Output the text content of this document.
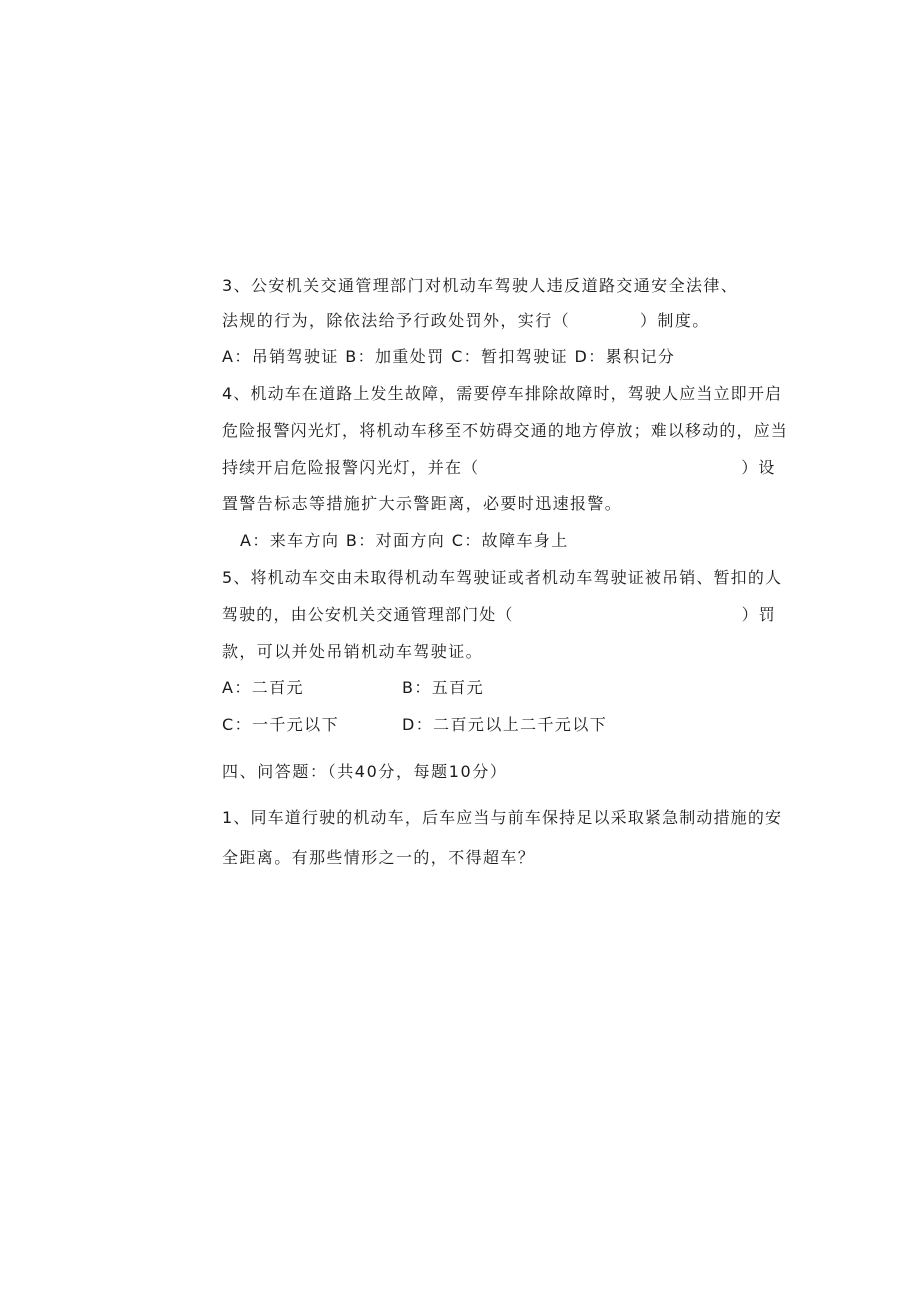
3、公安机关交通管理部门对机动车驾驶人违反道路交通安全法律、
法规的行为，除依法给予行政处罚外，实行（	）制度。
A：吊销驾驶证 B：加重处罚 C：暂扣驾驶证 D：累积记分
4、机动车在道路上发生故障，需要停车排除故障时，驾驶人应当立即开启
危险报警闪光灯，将机动车移至不妨碍交通的地方停放；难以移动的，应当
持续开启危险报警闪光灯，并在（	）设
置警告标志等措施扩大示警距离，必要时迅速报警。
A：来车方向 B：对面方向 C：故障车身上
5、将机动车交由未取得机动车驾驶证或者机动车驾驶证被吊销、暂扣的人
驾驶的，由公安机关交通管理部门处（	）罚
款，可以并处吊销机动车驾驶证。
A：二百元	B：五百元
C：一千元以下	D：二百元以上二千元以下
四、问答题：（共40分，每题10分）
1、同车道行驶的机动车，后车应当与前车保持足以采取紧急制动措施的安
全距离。有那些情形之一的，不得超车？
